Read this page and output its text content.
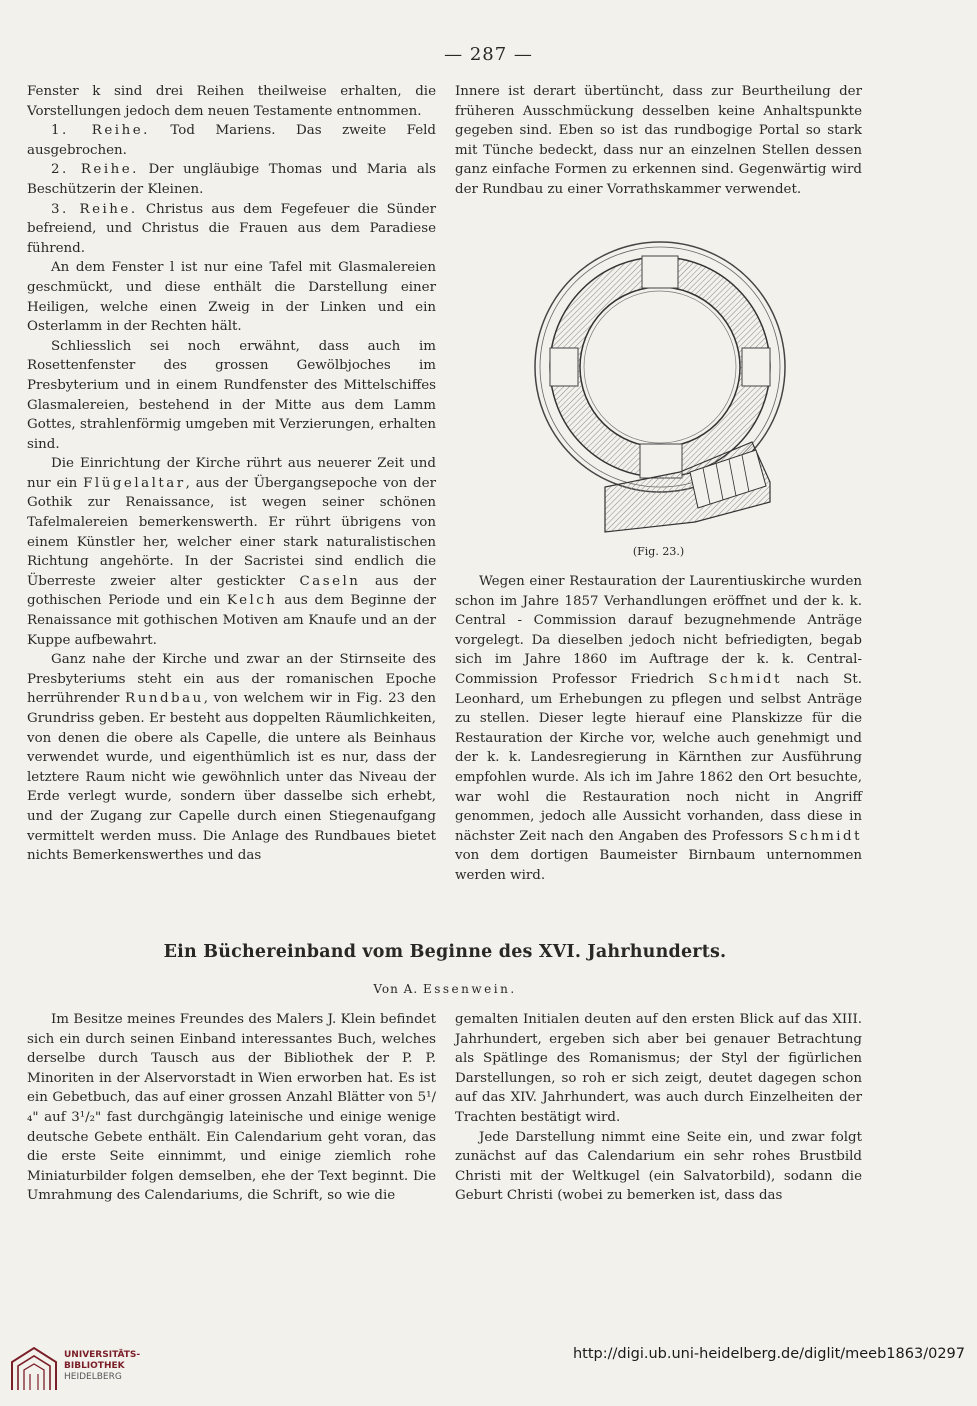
— 287 —

Fenster k sind drei Reihen theilweise erhalten, die Vorstellungen jedoch dem neuen Testamente entnommen.

1. Reihe. Tod Mariens. Das zweite Feld ausgebrochen.

2. Reihe. Der ungläubige Thomas und Maria als Beschützerin der Kleinen.

3. Reihe. Christus aus dem Fegefeuer die Sünder befreiend, und Christus die Frauen aus dem Paradiese führend.

An dem Fenster l ist nur eine Tafel mit Glasmalereien geschmückt, und diese enthält die Darstellung einer Heiligen, welche einen Zweig in der Linken und ein Osterlamm in der Rechten hält.

Schliesslich sei noch erwähnt, dass auch im Rosettenfenster des grossen Gewölbjoches im Presbyterium und in einem Rundfenster des Mittelschiffes Glasmalereien, bestehend in der Mitte aus dem Lamm Gottes, strahlenförmig umgeben mit Verzierungen, erhalten sind.

Die Einrichtung der Kirche rührt aus neuerer Zeit und nur ein Flügelaltar, aus der Übergangsepoche von der Gothik zur Renaissance, ist wegen seiner schönen Tafelmalereien bemerkenswerth. Er rührt übrigens von einem Künstler her, welcher einer stark naturalistischen Richtung angehörte. In der Sacristei sind endlich die Überreste zweier alter gestickter Caseln aus der gothischen Periode und ein Kelch aus dem Beginne der Renaissance mit gothischen Motiven am Knaufe und an der Kuppe aufbewahrt.

Ganz nahe der Kirche und zwar an der Stirnseite des Presbyteriums steht ein aus der romanischen Epoche herrührender Rundbau, von welchem wir in Fig. 23 den Grundriss geben. Er besteht aus doppelten Räumlichkeiten, von denen die obere als Capelle, die untere als Beinhaus verwendet wurde, und eigenthümlich ist es nur, dass der letztere Raum nicht wie gewöhnlich unter das Niveau der Erde verlegt wurde, sondern über dasselbe sich erhebt, und der Zugang zur Capelle durch einen Stiegenaufgang vermittelt werden muss. Die Anlage des Rundbaues bietet nichts Bemerkenswerthes und das

Innere ist derart übertüncht, dass zur Beurtheilung der früheren Ausschmückung desselben keine Anhaltspunkte gegeben sind. Eben so ist das rundbogige Portal so stark mit Tünche bedeckt, dass nur an einzelnen Stellen dessen ganz einfache Formen zu erkennen sind. Gegenwärtig wird der Rundbau zu einer Vorrathskammer verwendet.

(Fig. 23.)

Wegen einer Restauration der Laurentiuskirche wurden schon im Jahre 1857 Verhandlungen eröffnet und der k. k. Central - Commission darauf bezugnehmende Anträge vorgelegt. Da dieselben jedoch nicht befriedigten, begab sich im Jahre 1860 im Auftrage der k. k. Central-Commission Professor Friedrich Schmidt nach St. Leonhard, um Erhebungen zu pflegen und selbst Anträge zu stellen. Dieser legte hierauf eine Planskizze für die Restauration der Kirche vor, welche auch genehmigt und der k. k. Landesregierung in Kärnthen zur Ausführung empfohlen wurde. Als ich im Jahre 1862 den Ort besuchte, war wohl die Restauration noch nicht in Angriff genommen, jedoch alle Aussicht vorhanden, dass diese in nächster Zeit nach den Angaben des Professors Schmidt von dem dortigen Baumeister Birnbaum unternommen werden wird.

Ein Büchereinband vom Beginne des XVI. Jahrhunderts.
Von A. Essenwein.

Im Besitze meines Freundes des Malers J. Klein befindet sich ein durch seinen Einband interessantes Buch, welches derselbe durch Tausch aus der Bibliothek der P. P. Minoriten in der Alservorstadt in Wien erworben hat. Es ist ein Gebetbuch, das auf einer grossen Anzahl Blätter von 5¹/₄" auf 3¹/₂" fast durchgängig lateinische und einige wenige deutsche Gebete enthält. Ein Calendarium geht voran, das die erste Seite einnimmt, und einige ziemlich rohe Miniaturbilder folgen demselben, ehe der Text beginnt. Die Umrahmung des Calendariums, die Schrift, so wie die

gemalten Initialen deuten auf den ersten Blick auf das XIII. Jahrhundert, ergeben sich aber bei genauer Betrachtung als Spätlinge des Romanismus; der Styl der figürlichen Darstellungen, so roh er sich zeigt, deutet dagegen schon auf das XIV. Jahrhundert, was auch durch Einzelheiten der Trachten bestätigt wird.

Jede Darstellung nimmt eine Seite ein, und zwar folgt zunächst auf das Calendarium ein sehr rohes Brustbild Christi mit der Weltkugel (ein Salvatorbild), sodann die Geburt Christi (wobei zu bemerken ist, dass das

UNIVERSITÄTS-
BIBLIOTHEK
HEIDELBERG
http://digi.ub.uni-heidelberg.de/diglit/meeb1863/0297
